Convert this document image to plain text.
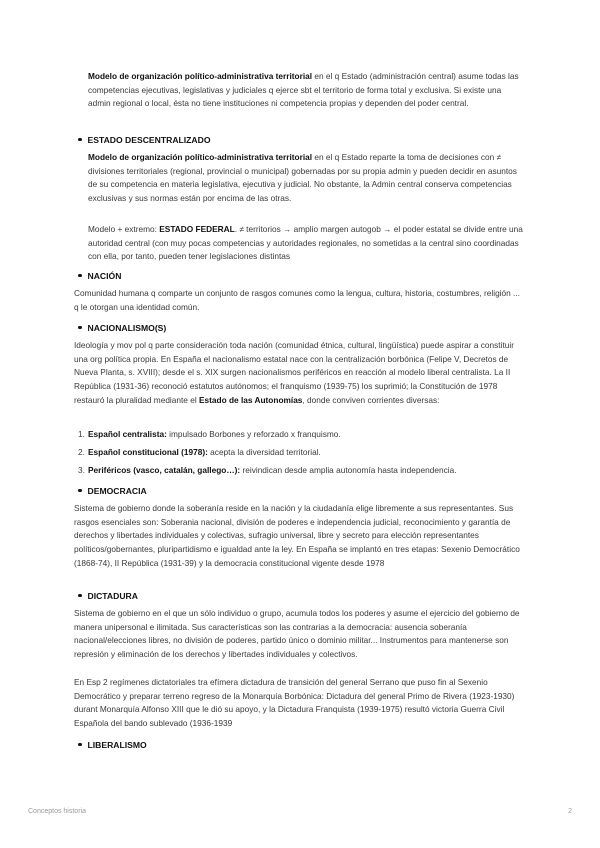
Modelo de organización político-administrativa territorial en el q Estado (administración central) asume todas las competencias ejecutivas, legislativas y judiciales q ejerce sbt el territorio de forma total y exclusiva. Si existe una admin regional o local, ésta no tiene instituciones ni competencia propias y dependen del poder central.

ESTADO DESCENTRALIZADO

Modelo de organización político-administrativa territorial en el q Estado reparte la toma de decisiones con ≠ divisiones territoriales (regional, provincial o municipal) gobernadas por su propia admin y pueden decidir en asuntos de su competencia en materia legislativa, ejecutiva y judicial. No obstante, la Admin central conserva competencias exclusivas y sus normas están por encima de las otras.

Modelo + extremo: ESTADO FEDERAL. ≠ territorios → amplio margen autogob → el poder estatal se divide entre una autoridad central (con muy pocas competencias y autoridades regionales, no sometidas a la central sino coordinadas con ella, por tanto, pueden tener legislaciones distintas

NACIÓN

Comunidad humana q comparte un conjunto de rasgos comunes como la lengua, cultura, historia, costumbres, religión ... q le otorgan una identidad común.

NACIONALISMO(S)

Ideología y mov pol q parte consideración toda nación (comunidad étnica, cultural, lingüística) puede aspirar a constituir una org política propia. En España el nacionalismo estatal nace con la centralización borbónica (Felipe V, Decretos de Nueva Planta, s. XVIII); desde el s. XIX surgen nacionalismos periféricos en reacción al modelo liberal centralista. La II República (1931-36) reconoció estatutos autónomos; el franquismo (1939-75) los suprimió; la Constitución de 1978 restauró la pluralidad mediante el Estado de las Autonomías, donde conviven corrientes diversas:

1. Español centralista: impulsado Borbones y reforzado x franquismo.
2. Español constitucional (1978): acepta la diversidad territorial.
3. Periféricos (vasco, catalán, gallego…): reivindican desde amplia autonomía hasta independencia.
DEMOCRACIA

Sistema de gobierno donde la soberanía reside en la nación y la ciudadanía elige libremente a sus representantes. Sus rasgos esenciales son: Soberania nacional, división de poderes e independencia judicial, reconocimiento y garantía de derechos y libertades individuales y colectivas, sufragio universal, libre y secreto para elección representantes políticos/gobernantes, pluripartidismo e igualdad ante la ley. En España se implantó en tres etapas: Sexenio Democrático (1868-74), II República (1931-39) y la democracia constitucional vigente desde 1978

DICTADURA

Sistema de gobierno en el que un sólo individuo o grupo, acumula todos los poderes y asume el ejercicio del gobierno de manera unipersonal e ilimitada. Sus características son las contrarias a la democracia: ausencia soberanía nacional/elecciones libres, no división de poderes, partido único o dominio militar... Instrumentos para mantenerse son represión y eliminación de los derechos y libertades individuales y colectivos.

En Esp 2 regímenes dictatoriales tra efímera dictadura de transición del general Serrano que puso fin al Sexenio Democrático y preparar terreno regreso de la Monarquía Borbónica: Dictadura del general Primo de Rivera (1923-1930) durant Monarquía Alfonso XIII que le dió su apoyo, y la Dictadura Franquista (1939-1975) resultó victoria Guerra Civil Española del bando sublevado (1936-1939

LIBERALISMO
Conceptos historia	2
